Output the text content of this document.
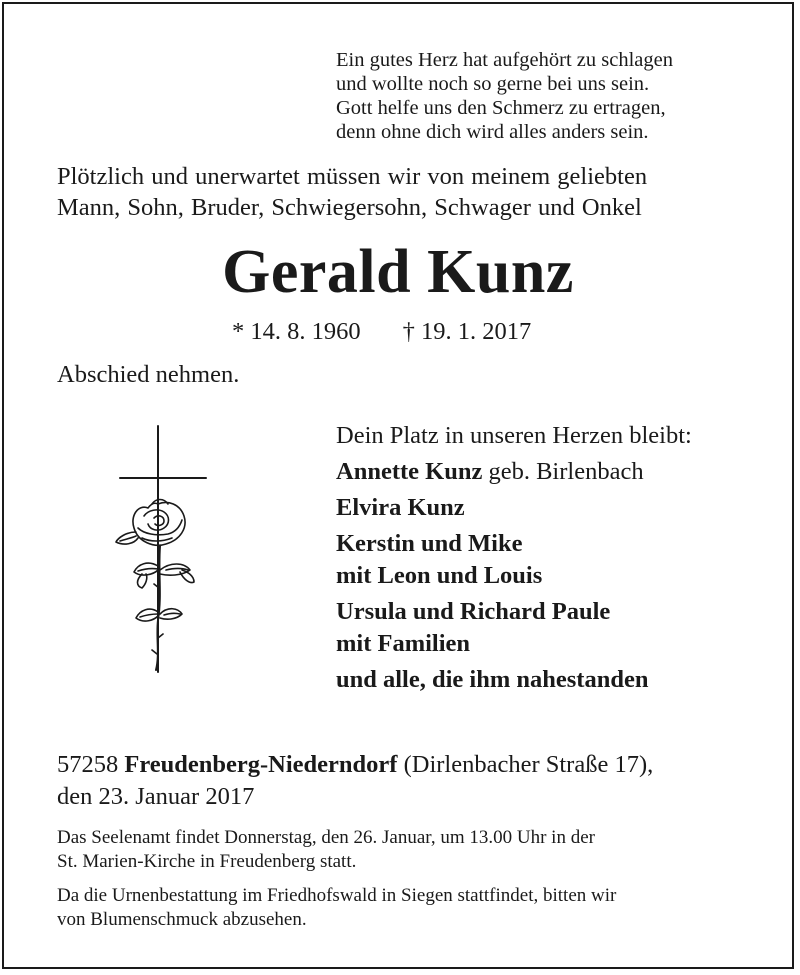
Ein gutes Herz hat aufgehört zu schlagen
und wollte noch so gerne bei uns sein.
Gott helfe uns den Schmerz zu ertragen,
denn ohne dich wird alles anders sein.
Plötzlich und unerwartet müssen wir von meinem geliebten
Mann, Sohn, Bruder, Schwiegersohn, Schwager und Onkel
Gerald Kunz
* 14. 8. 1960 † 19. 1. 2017
Abschied nehmen.
Dein Platz in unseren Herzen bleibt:
Annette Kunz geb. Birlenbach
Elvira Kunz
Kerstin und Mike
mit Leon und Louis
Ursula und Richard Paule
mit Familien
und alle, die ihm nahestanden
57258 Freudenberg-Niederndorf (Dirlenbacher Straße 17),
den 23. Januar 2017
Das Seelenamt findet Donnerstag, den 26. Januar, um 13.00 Uhr in der
St. Marien-Kirche in Freudenberg statt.
Da die Urnenbestattung im Friedhofswald in Siegen stattfindet, bitten wir
von Blumenschmuck abzusehen.
